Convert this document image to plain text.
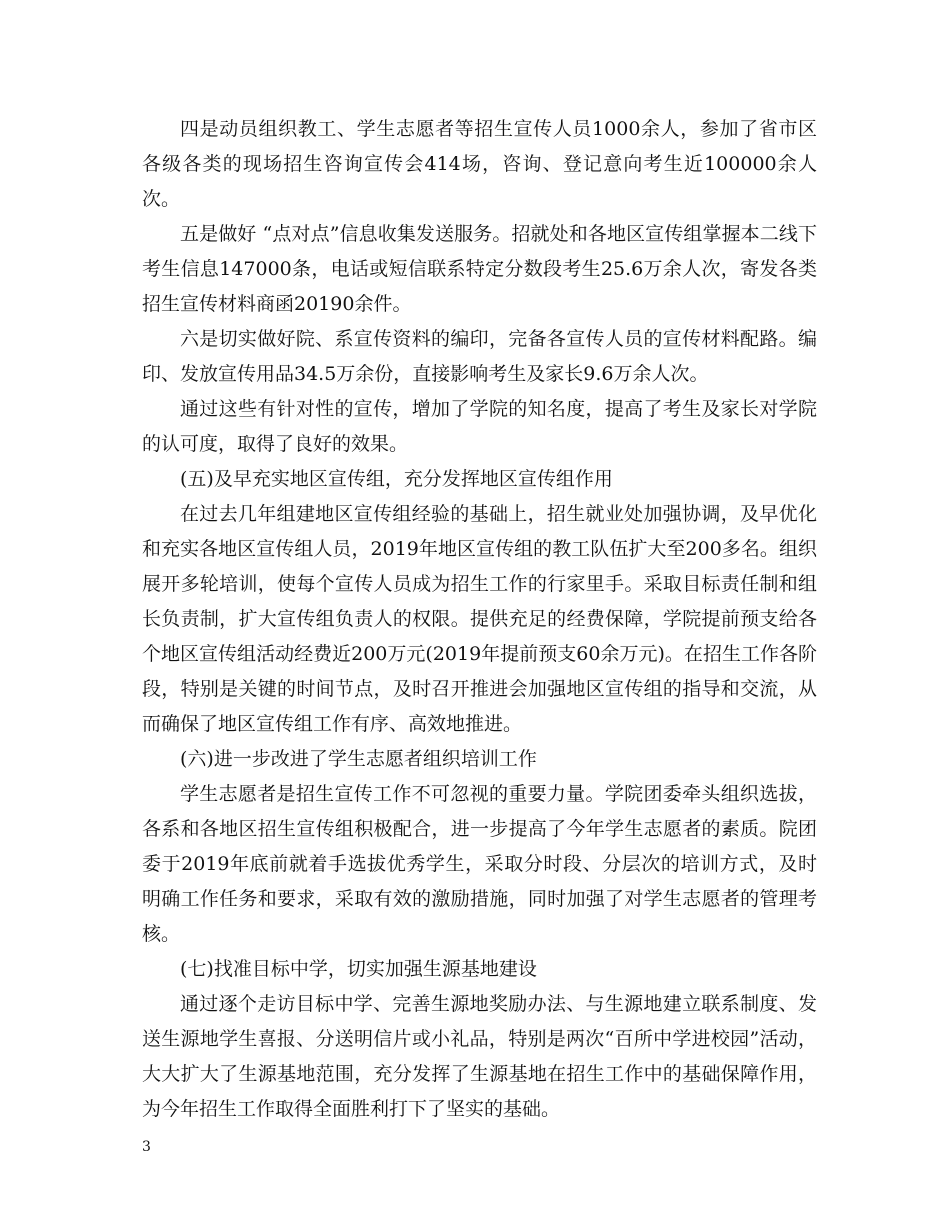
四是动员组织教工、学生志愿者等招生宣传人员1000余人，参加了省市区各级各类的现场招生咨询宣传会414场，咨询、登记意向考生近100000余人次。

五是做好 “点对点”信息收集发送服务。招就处和各地区宣传组掌握本二线下考生信息147000条，电话或短信联系特定分数段考生25.6万余人次，寄发各类招生宣传材料商函20190余件。

六是切实做好院、系宣传资料的编印，完备各宣传人员的宣传材料配路。编印、发放宣传用品34.5万余份，直接影响考生及家长9.6万余人次。

通过这些有针对性的宣传，增加了学院的知名度，提高了考生及家长对学院的认可度，取得了良好的效果。

(五)及早充实地区宣传组，充分发挥地区宣传组作用

在过去几年组建地区宣传组经验的基础上，招生就业处加强协调，及早优化和充实各地区宣传组人员，2019年地区宣传组的教工队伍扩大至200多名。组织展开多轮培训，使每个宣传人员成为招生工作的行家里手。采取目标责任制和组长负责制，扩大宣传组负责人的权限。提供充足的经费保障，学院提前预支给各个地区宣传组活动经费近200万元(2019年提前预支60余万元)。在招生工作各阶段，特别是关键的时间节点，及时召开推进会加强地区宣传组的指导和交流，从而确保了地区宣传组工作有序、高效地推进。

(六)进一步改进了学生志愿者组织培训工作

学生志愿者是招生宣传工作不可忽视的重要力量。学院团委牵头组织选拔，各系和各地区招生宣传组积极配合，进一步提高了今年学生志愿者的素质。院团委于2019年底前就着手选拔优秀学生，采取分时段、分层次的培训方式，及时明确工作任务和要求，采取有效的激励措施，同时加强了对学生志愿者的管理考核。

(七)找准目标中学，切实加强生源基地建设

通过逐个走访目标中学、完善生源地奖励办法、与生源地建立联系制度、发送生源地学生喜报、分送明信片或小礼品，特别是两次“百所中学进校园”活动，大大扩大了生源基地范围，充分发挥了生源基地在招生工作中的基础保障作用，为今年招生工作取得全面胜利打下了坚实的基础。

3
